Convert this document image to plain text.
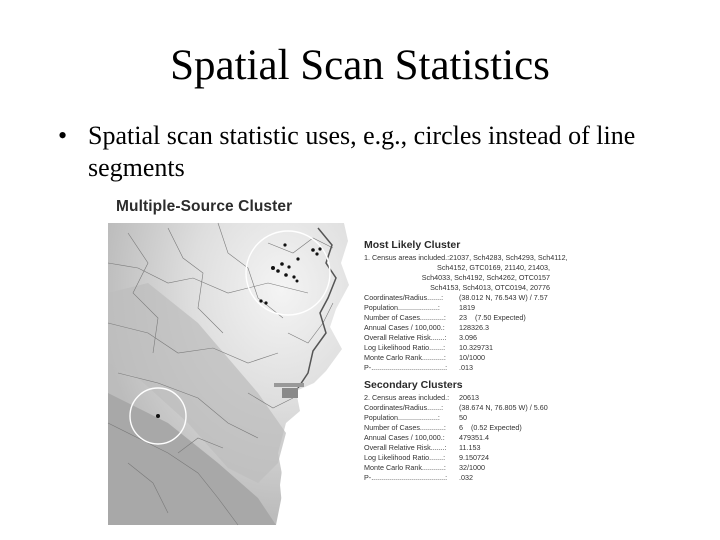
Spatial Scan Statistics
• Spatial scan statistic uses, e.g., circles instead of line segments
Multiple-Source Cluster
Most Likely Cluster
1. Census areas included.: 21037, Sch4283, Sch4293, Sch4112,
Sch4152, GTC0169, 21140, 21403,
Sch4033, Sch4192, Sch4262, OTC0157
Sch4153, Sch4013, OTC0194, 20776
Coordinates/Radius.......:	(38.012 N, 76.543 W) / 7.57
Population....................:	1819
Number of Cases............:	23 (7.50 Expected)
Annual Cases / 100,000.:	128326.3
Overall Relative Risk.......:	3.096
Log Likelihood Ratio.......:	10.329731
Monte Carlo Rank...........:	10/1000
P-.....................................:	.013
Secondary Clusters
2. Census areas included.:	20613
Coordinates/Radius.......:	(38.674 N, 76.805 W) / 5.60
Population....................:	50
Number of Cases............:	6 (0.52 Expected)
Annual Cases / 100,000.:	479351.4
Overall Relative Risk.......:	11.153
Log Likelihood Ratio.......:	9.150724
Monte Carlo Rank...........:	32/1000
P-.....................................:	.032
